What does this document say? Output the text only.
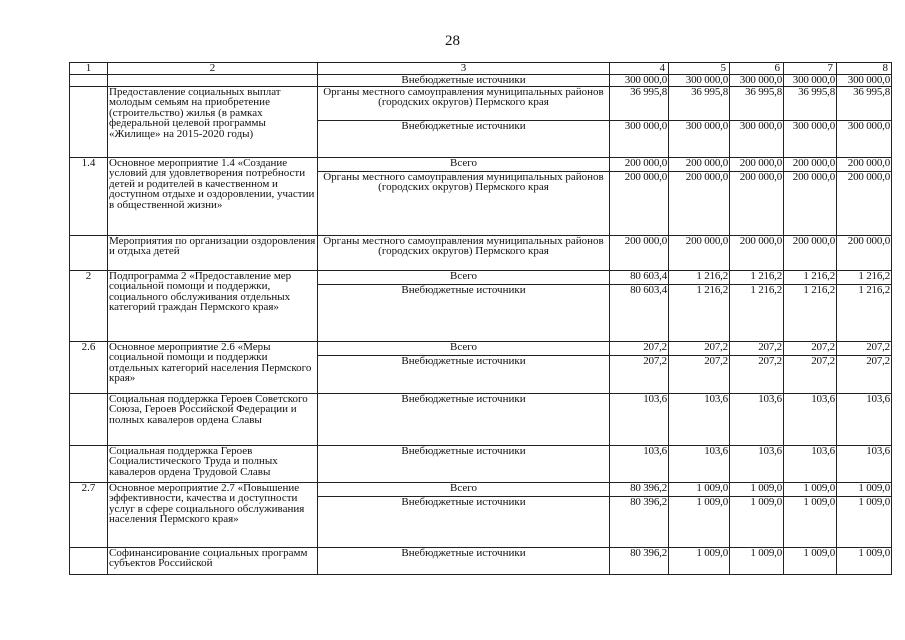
28
1	2	3	4	5	6	7	8
		Внебюджетные источники	300 000,0	300 000,0	300 000,0	300 000,0	300 000,0
	Предоставление социальных выплат молодым семьям на приобретение (строительство) жилья (в рамках федеральной целевой программы «Жилище» на 2015-2020 годы)	Органы местного самоуправления муниципальных районов (городских округов) Пермского края	36 995,8	36 995,8	36 995,8	36 995,8	36 995,8
		Внебюджетные источники	300 000,0	300 000,0	300 000,0	300 000,0	300 000,0
1.4	Основное мероприятие 1.4 «Создание условий для удовлетворения потребности детей и родителей в качественном и доступном отдыхе и оздоровлении, участии в общественной жизни»	Всего	200 000,0	200 000,0	200 000,0	200 000,0	200 000,0
		Органы местного самоуправления муниципальных районов (городских округов) Пермского края	200 000,0	200 000,0	200 000,0	200 000,0	200 000,0
	Мероприятия по организации оздоровления и отдыха детей	Органы местного самоуправления муниципальных районов (городских округов) Пермского края	200 000,0	200 000,0	200 000,0	200 000,0	200 000,0
2	Подпрограмма 2 «Предоставление мер социальной помощи и поддержки, социального обслуживания отдельных категорий граждан Пермского края»	Всего	80 603,4	1 216,2	1 216,2	1 216,2	1 216,2
		Внебюджетные источники	80 603,4	1 216,2	1 216,2	1 216,2	1 216,2
2.6	Основное мероприятие 2.6 «Меры социальной помощи и поддержки отдельных категорий населения Пермского края»	Всего	207,2	207,2	207,2	207,2	207,2
		Внебюджетные источники	207,2	207,2	207,2	207,2	207,2
	Социальная поддержка Героев Советского Союза, Героев Российской Федерации и полных кавалеров ордена Славы	Внебюджетные источники	103,6	103,6	103,6	103,6	103,6
	Социальная поддержка Героев Социалистического Труда и полных кавалеров ордена Трудовой Славы	Внебюджетные источники	103,6	103,6	103,6	103,6	103,6
2.7	Основное мероприятие 2.7 «Повышение эффективности, качества и доступности услуг в сфере социального обслуживания населения Пермского края»	Всего	80 396,2	1 009,0	1 009,0	1 009,0	1 009,0
		Внебюджетные источники	80 396,2	1 009,0	1 009,0	1 009,0	1 009,0
	Софинансирование социальных программ субъектов Российской	Внебюджетные источники	80 396,2	1 009,0	1 009,0	1 009,0	1 009,0
